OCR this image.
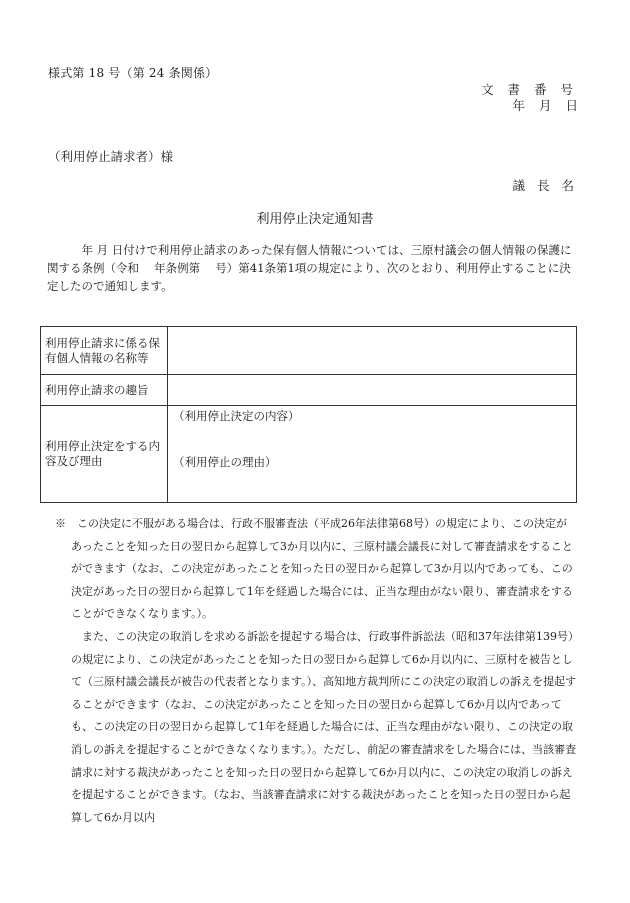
様式第 18 号（第 24 条関係）
文 書 番 号
年 月 日
（利用停止請求者）様
議 長 名
利用停止決定通知書

年 月 日付けで利用停止請求のあった保有個人情報については、三原村議会の個人情報の保護に関する条例（令和　 年条例第　 号）第41条第1項の規定により、次のとおり、利用停止することに決定したので通知します。

利用停止請求に係る保有個人情報の名称等	
利用停止請求の趣旨	
利用停止決定をする内容及び理由	（利用停止決定の内容）
（利用停止の理由）

※　この決定に不服がある場合は、行政不服審査法（平成26年法律第68号）の規定により、この決定があったことを知った日の翌日から起算して3か月以内に、三原村議会議長に対して審査請求をすることができます（なお、この決定があったことを知った日の翌日から起算して3か月以内であっても、この決定があった日の翌日から起算して1年を経過した場合には、正当な理由がない限り、審査請求をすることができなくなります。）。

また、この決定の取消しを求める訴訟を提起する場合は、行政事件訴訟法（昭和37年法律第139号）の規定により、この決定があったことを知った日の翌日から起算して6か月以内に、三原村を被告として（三原村議会議長が被告の代表者となります。）、高知地方裁判所にこの決定の取消しの訴えを提起することができます（なお、この決定があったことを知った日の翌日から起算して6か月以内であっても、この決定の日の翌日から起算して1年を経過した場合には、正当な理由がない限り、この決定の取消しの訴えを提起することができなくなります。）。ただし、前記の審査請求をした場合には、当該審査請求に対する裁決があったことを知った日の翌日から起算して6か月以内に、この決定の取消しの訴えを提起することができます。（なお、当該審査請求に対する裁決があったことを知った日の翌日から起算して6か月以内
